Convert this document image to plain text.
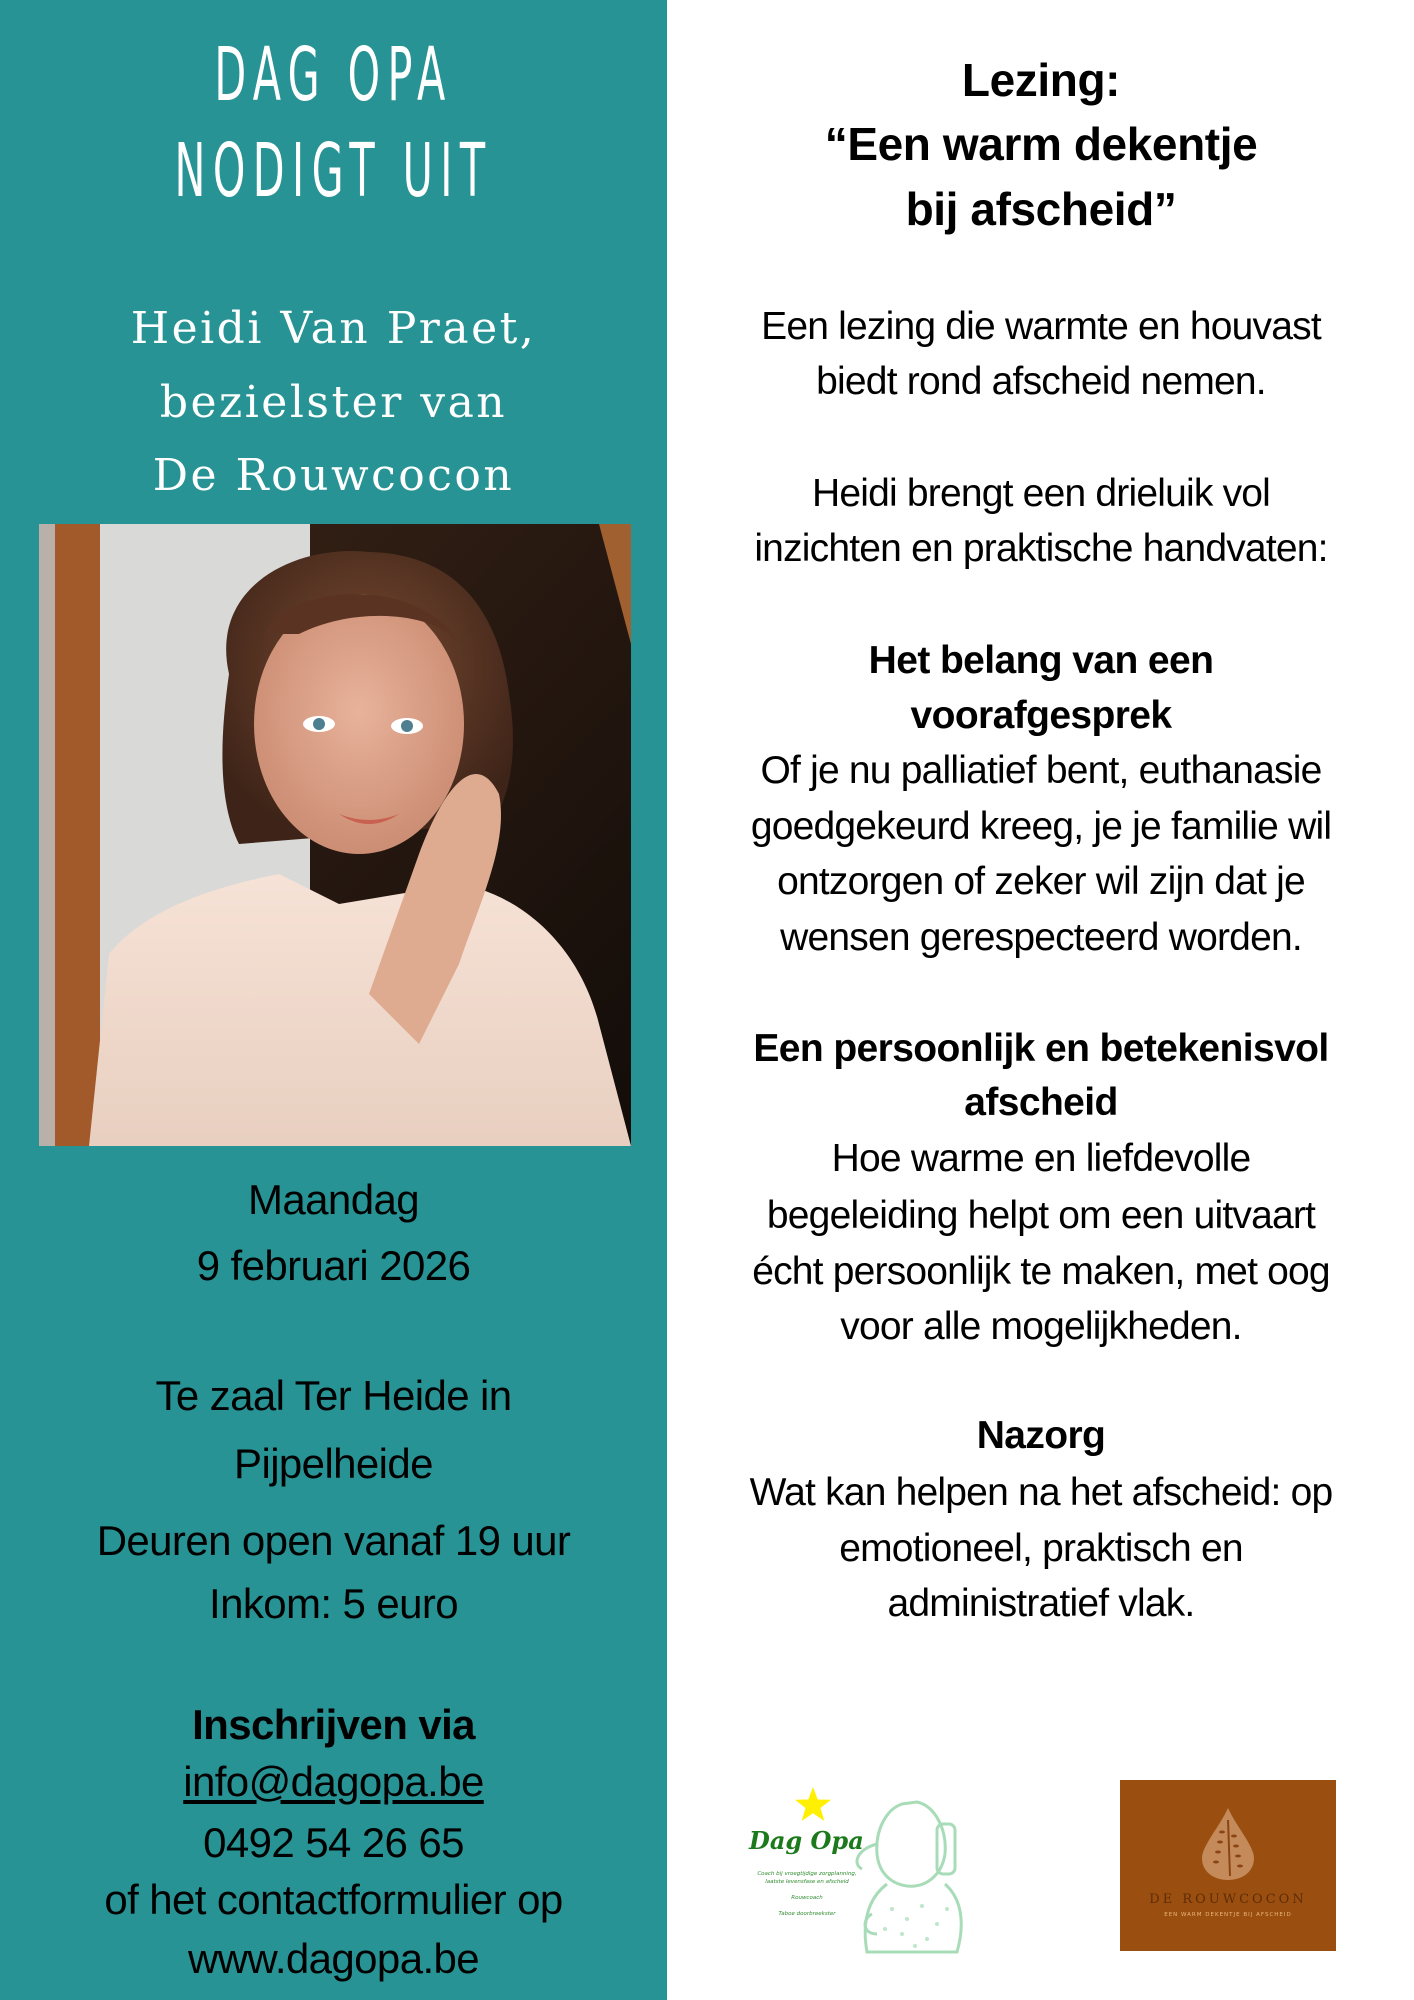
DAG OPA
NODIGT UIT
Heidi Van Praet,
bezielster van
De Rouwcocon
Maandag
9 februari 2026
Te zaal Ter Heide in
Pijpelheide
Deuren open vanaf 19 uur
Inkom: 5 euro
Inschrijven via
info@dagopa.be
0492 54 26 65
of het contactformulier op
www.dagopa.be
Lezing:
“Een warm dekentje
bij afscheid”
Een lezing die warmte en houvast
biedt rond afscheid nemen.
Heidi brengt een drieluik vol
inzichten en praktische handvaten:
Het belang van een
voorafgesprek
Of je nu palliatief bent, euthanasie
goedgekeurd kreeg, je je familie wil
ontzorgen of zeker wil zijn dat je
wensen gerespecteerd worden.
Een persoonlijk en betekenisvol
afscheid
Hoe warme en liefdevolle
begeleiding helpt om een uitvaart
écht persoonlijk te maken, met oog
voor alle mogelijkheden.
Nazorg
Wat kan helpen na het afscheid: op
emotioneel, praktisch en
administratief vlak.
Dag Opa
Coach bij vroegtijdige zorgplanning,
laatste levensfase en afscheid
Rouwcoach
Taboe doorbreekster
DE ROUWCOCON
EEN WARM DEKENTJE BIJ AFSCHEID
